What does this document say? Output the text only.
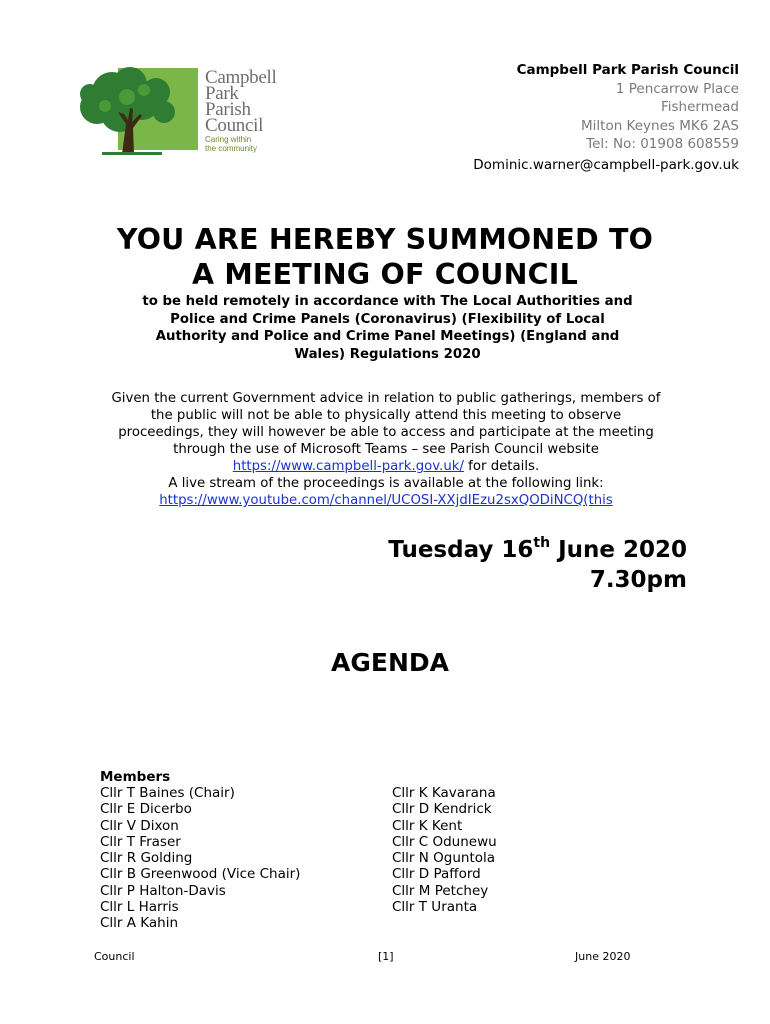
Campbell
Park
Parish
Council
Caring within
the community
Campbell Park Parish Council
1 Pencarrow Place
Fishermead
Milton Keynes MK6 2AS
Tel: No: 01908 608559
Dominic.warner@campbell-park.gov.uk
YOU ARE HEREBY SUMMONED TO
A MEETING OF COUNCIL
to be held remotely in accordance with The Local Authorities and
Police and Crime Panels (Coronavirus) (Flexibility of Local
Authority and Police and Crime Panel Meetings) (England and
Wales) Regulations 2020
Given the current Government advice in relation to public gatherings, members of
the public will not be able to physically attend this meeting to observe
proceedings, they will however be able to access and participate at the meeting
through the use of Microsoft Teams – see Parish Council website
https://www.campbell-park.gov.uk/ for details.
A live stream of the proceedings is available at the following link:
https://www.youtube.com/channel/UCOSI-XXjdIEzu2sxQODiNCQ(this
Tuesday 16th June 2020
7.30pm
AGENDA
Members
Cllr T Baines (Chair)
Cllr E Dicerbo
Cllr V Dixon
Cllr T Fraser
Cllr R Golding
Cllr B Greenwood (Vice Chair)
Cllr P Halton-Davis
Cllr L Harris
Cllr A Kahin
Cllr K Kavarana
Cllr D Kendrick
Cllr K Kent
Cllr C Odunewu
Cllr N Oguntola
Cllr D Pafford
Cllr M Petchey
Cllr T Uranta
Council	[1]	June 2020
